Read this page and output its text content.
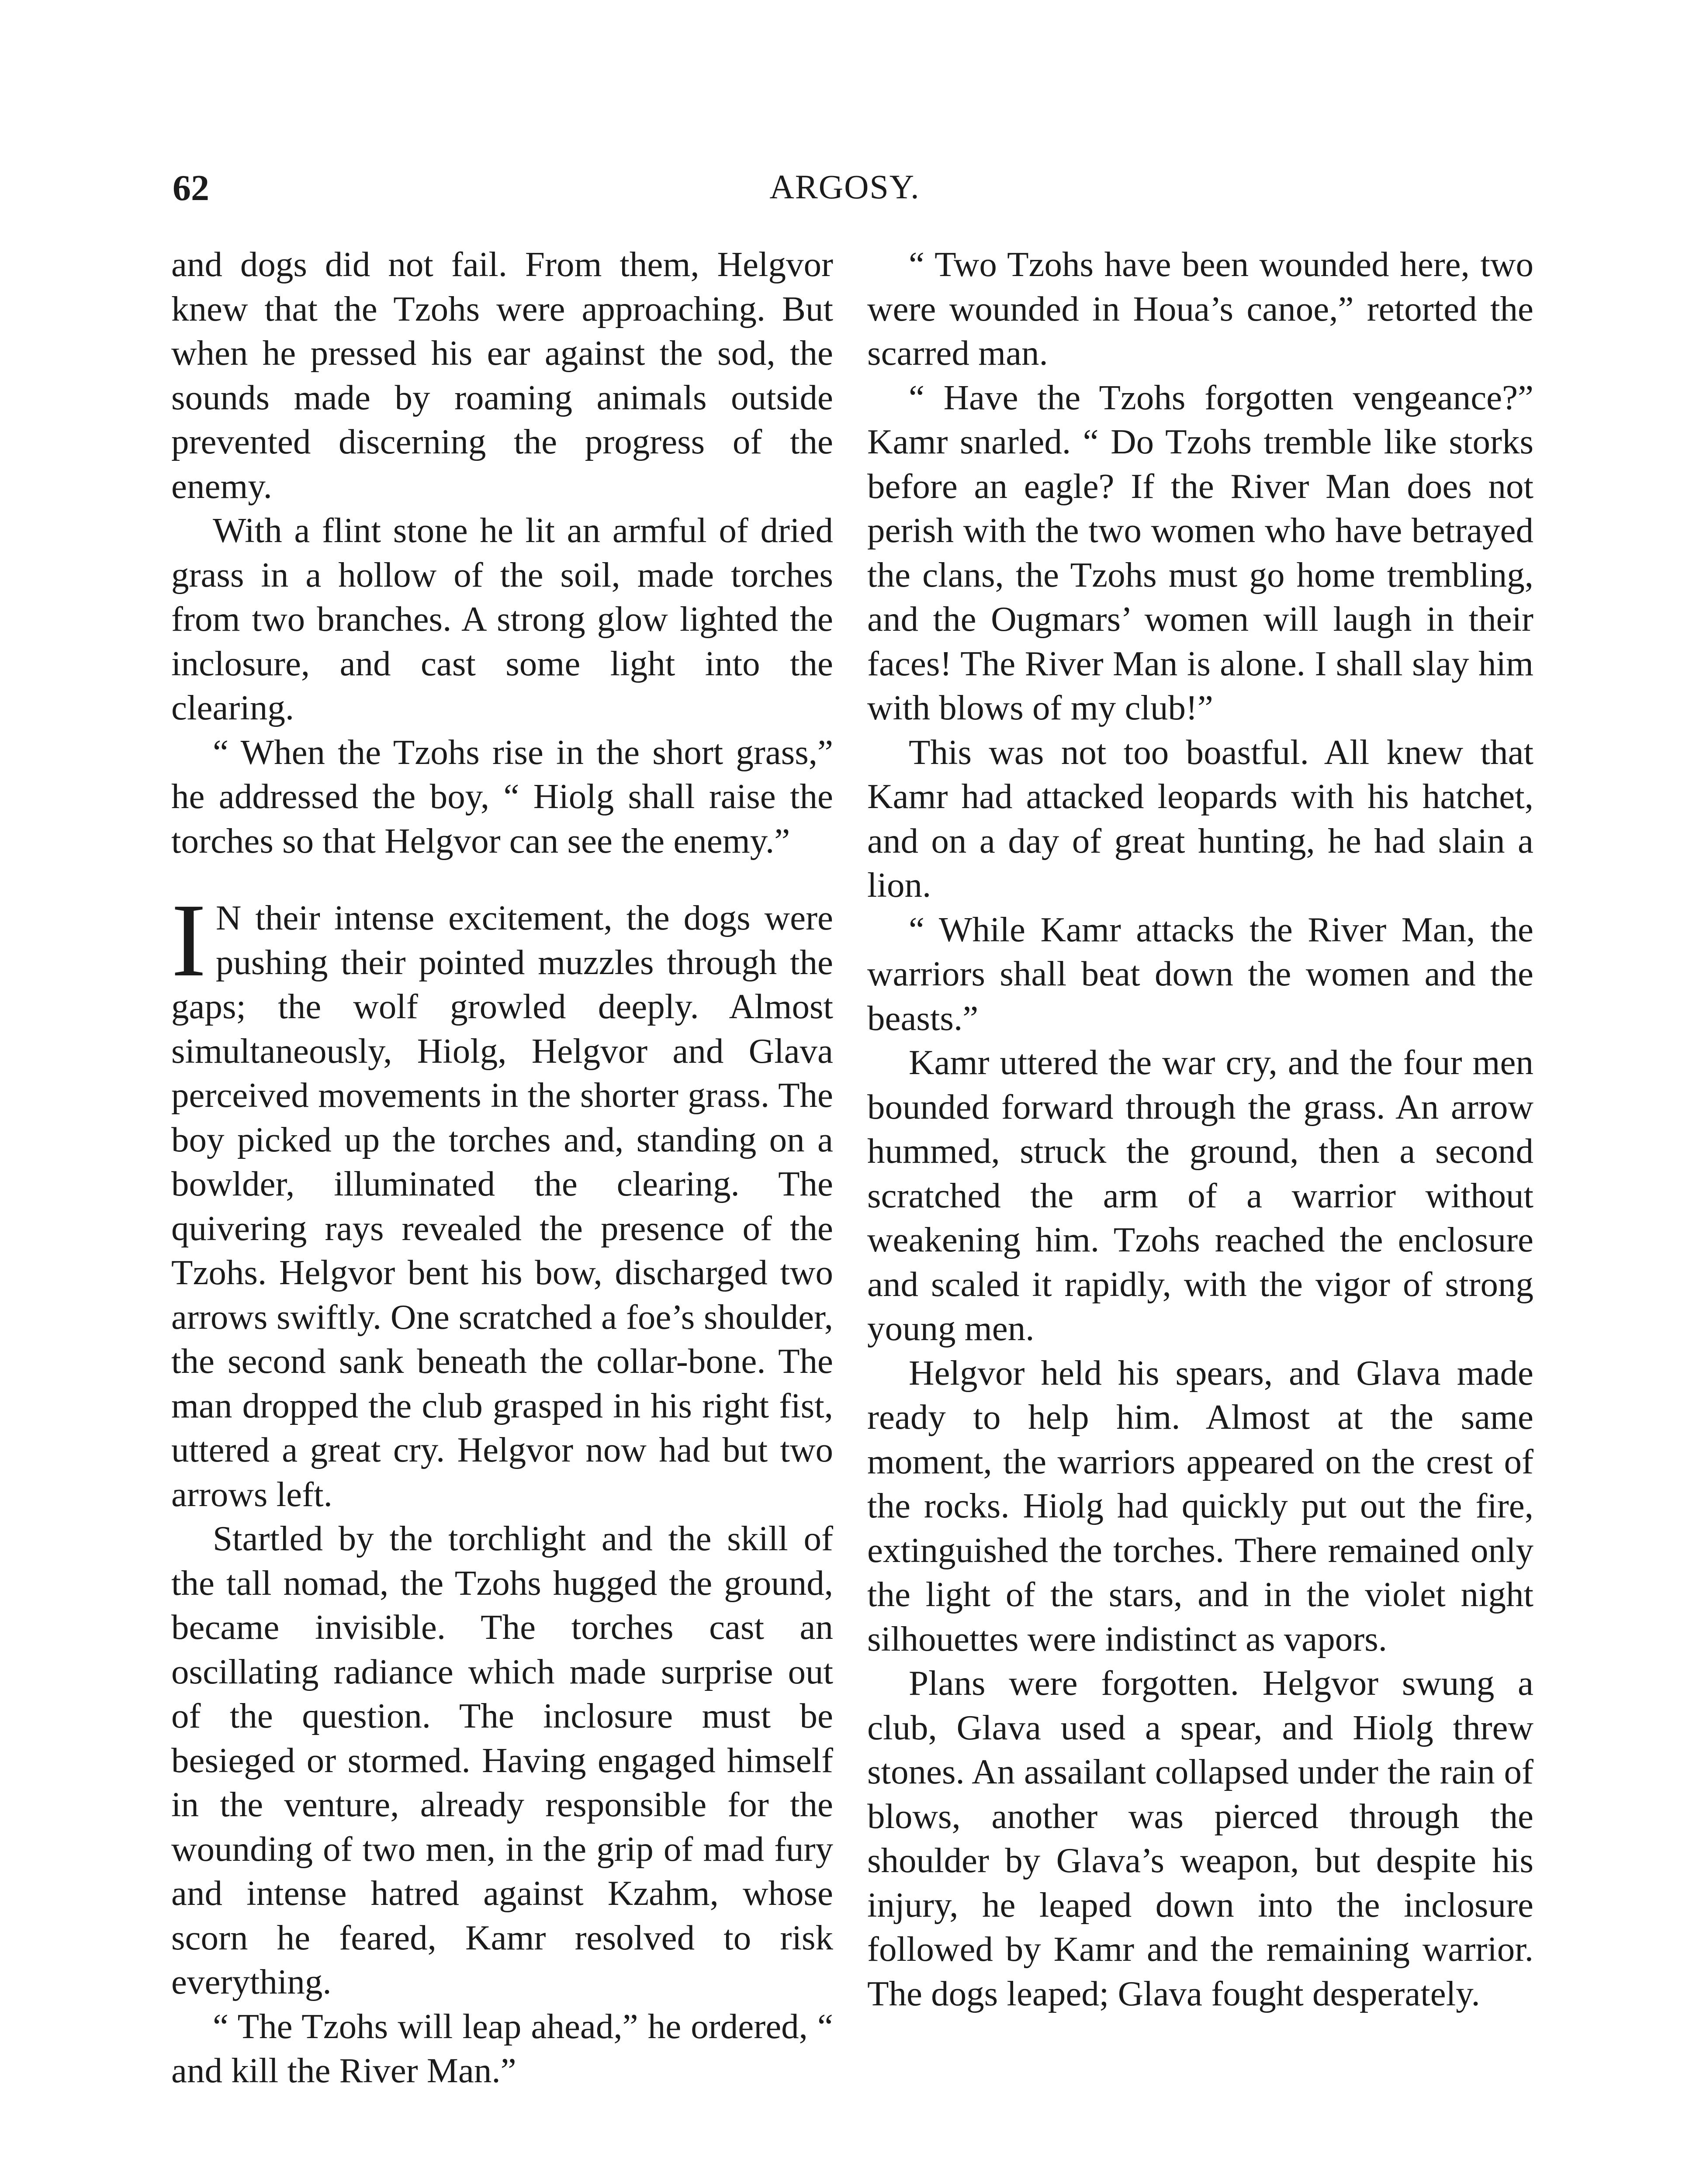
62	ARGOSY.

and dogs did not fail. From them, Helgvor knew that the Tzohs were approaching. But when he pressed his ear against the sod, the sounds made by roaming animals outside prevented discerning the progress of the enemy.

With a flint stone he lit an armful of dried grass in a hollow of the soil, made torches from two branches. A strong glow lighted the inclosure, and cast some light into the clearing.

“ When the Tzohs rise in the short grass,” he addressed the boy, “ Hiolg shall raise the torches so that Helgvor can see the enemy.”

I N their intense excitement, the dogs were pushing their pointed muzzles through the gaps; the wolf growled deeply. Almost simultaneously, Hiolg, Helgvor and Glava perceived movements in the shorter grass. The boy picked up the torches and, standing on a bowlder, illuminated the clearing. The quivering rays revealed the presence of the Tzohs. Helgvor bent his bow, discharged two arrows swiftly. One scratched a foe’s shoulder, the second sank beneath the collar-bone. The man dropped the club grasped in his right fist, uttered a great cry. Helgvor now had but two arrows left.

Startled by the torchlight and the skill of the tall nomad, the Tzohs hugged the ground, became invisible. The torches cast an oscillating radiance which made surprise out of the question. The inclosure must be besieged or stormed. Having engaged himself in the venture, already responsible for the wounding of two men, in the grip of mad fury and intense hatred against Kzahm, whose scorn he feared, Kamr resolved to risk everything.

“ The Tzohs will leap ahead,” he ordered, “ and kill the River Man.”

“ Two Tzohs have been wounded here, two were wounded in Houa’s canoe,” retorted the scarred man.

“ Have the Tzohs forgotten vengeance?” Kamr snarled. “ Do Tzohs tremble like storks before an eagle? If the River Man does not perish with the two women who have betrayed the clans, the Tzohs must go home trembling, and the Ougmars’ women will laugh in their faces! The River Man is alone. I shall slay him with blows of my club!”

This was not too boastful. All knew that Kamr had attacked leopards with his hatchet, and on a day of great hunting, he had slain a lion.

“ While Kamr attacks the River Man, the warriors shall beat down the women and the beasts.”

Kamr uttered the war cry, and the four men bounded forward through the grass. An arrow hummed, struck the ground, then a second scratched the arm of a warrior without weakening him. Tzohs reached the enclosure and scaled it rapidly, with the vigor of strong young men.

Helgvor held his spears, and Glava made ready to help him. Almost at the same moment, the warriors appeared on the crest of the rocks. Hiolg had quickly put out the fire, extinguished the torches. There remained only the light of the stars, and in the violet night silhouettes were indistinct as vapors.

Plans were forgotten. Helgvor swung a club, Glava used a spear, and Hiolg threw stones. An assailant collapsed under the rain of blows, another was pierced through the shoulder by Glava’s weapon, but despite his injury, he leaped down into the inclosure followed by Kamr and the remaining warrior. The dogs leaped; Glava fought desperately.
